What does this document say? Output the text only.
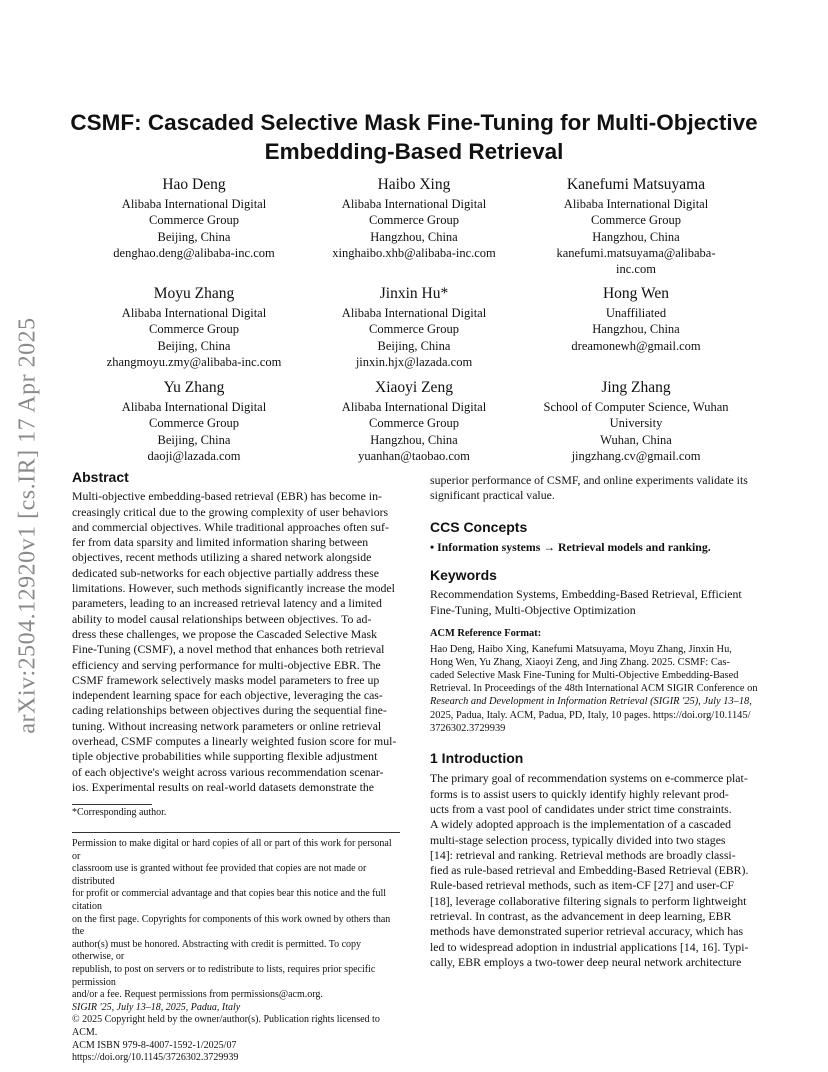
arXiv:2504.12920v1 [cs.IR] 17 Apr 2025
CSMF: Cascaded Selective Mask Fine-Tuning for Multi-Objective
Embedding-Based Retrieval
Hao Deng
Alibaba International Digital
Commerce Group
Beijing, China
denghao.deng@alibaba-inc.com
Haibo Xing
Alibaba International Digital
Commerce Group
Hangzhou, China
xinghaibo.xhb@alibaba-inc.com
Kanefumi Matsuyama
Alibaba International Digital
Commerce Group
Hangzhou, China
kanefumi.matsuyama@alibaba-
inc.com
Moyu Zhang
Alibaba International Digital
Commerce Group
Beijing, China
zhangmoyu.zmy@alibaba-inc.com
Jinxin Hu*
Alibaba International Digital
Commerce Group
Beijing, China
jinxin.hjx@lazada.com
Hong Wen
Unaffiliated
Hangzhou, China
dreamonewh@gmail.com
Yu Zhang
Alibaba International Digital
Commerce Group
Beijing, China
daoji@lazada.com
Xiaoyi Zeng
Alibaba International Digital
Commerce Group
Hangzhou, China
yuanhan@taobao.com
Jing Zhang
School of Computer Science, Wuhan
University
Wuhan, China
jingzhang.cv@gmail.com
Abstract
Multi-objective embedding-based retrieval (EBR) has become in-
creasingly critical due to the growing complexity of user behaviors
and commercial objectives. While traditional approaches often suf-
fer from data sparsity and limited information sharing between
objectives, recent methods utilizing a shared network alongside
dedicated sub-networks for each objective partially address these
limitations. However, such methods significantly increase the model
parameters, leading to an increased retrieval latency and a limited
ability to model causal relationships between objectives. To ad-
dress these challenges, we propose the Cascaded Selective Mask
Fine-Tuning (CSMF), a novel method that enhances both retrieval
efficiency and serving performance for multi-objective EBR. The
CSMF framework selectively masks model parameters to free up
independent learning space for each objective, leveraging the cas-
cading relationships between objectives during the sequential fine-
tuning. Without increasing network parameters or online retrieval
overhead, CSMF computes a linearly weighted fusion score for mul-
tiple objective probabilities while supporting flexible adjustment
of each objective's weight across various recommendation scenar-
ios. Experimental results on real-world datasets demonstrate the
*Corresponding author.
Permission to make digital or hard copies of all or part of this work for personal or
classroom use is granted without fee provided that copies are not made or distributed
for profit or commercial advantage and that copies bear this notice and the full citation
on the first page. Copyrights for components of this work owned by others than the
author(s) must be honored. Abstracting with credit is permitted. To copy otherwise, or
republish, to post on servers or to redistribute to lists, requires prior specific permission
and/or a fee. Request permissions from permissions@acm.org.
SIGIR '25, July 13–18, 2025, Padua, Italy
© 2025 Copyright held by the owner/author(s). Publication rights licensed to ACM.
ACM ISBN 979-8-4007-1592-1/2025/07
https://doi.org/10.1145/3726302.3729939
superior performance of CSMF, and online experiments validate its
significant practical value.
CCS Concepts
• Information systems → Retrieval models and ranking.
Keywords
Recommendation Systems, Embedding-Based Retrieval, Efficient
Fine-Tuning, Multi-Objective Optimization
ACM Reference Format:
Hao Deng, Haibo Xing, Kanefumi Matsuyama, Moyu Zhang, Jinxin Hu,
Hong Wen, Yu Zhang, Xiaoyi Zeng, and Jing Zhang. 2025. CSMF: Cas-
caded Selective Mask Fine-Tuning for Multi-Objective Embedding-Based
Retrieval. In Proceedings of the 48th International ACM SIGIR Conference on
Research and Development in Information Retrieval (SIGIR '25), July 13–18,
2025, Padua, Italy. ACM, Padua, PD, Italy, 10 pages. https://doi.org/10.1145/
3726302.3729939
1 Introduction
The primary goal of recommendation systems on e-commerce plat-
forms is to assist users to quickly identify highly relevant prod-
ucts from a vast pool of candidates under strict time constraints.
A widely adopted approach is the implementation of a cascaded
multi-stage selection process, typically divided into two stages
[14]: retrieval and ranking. Retrieval methods are broadly classi-
fied as rule-based retrieval and Embedding-Based Retrieval (EBR).
Rule-based retrieval methods, such as item-CF [27] and user-CF
[18], leverage collaborative filtering signals to perform lightweight
retrieval. In contrast, as the advancement in deep learning, EBR
methods have demonstrated superior retrieval accuracy, which has
led to widespread adoption in industrial applications [14, 16]. Typi-
cally, EBR employs a two-tower deep neural network architecture
